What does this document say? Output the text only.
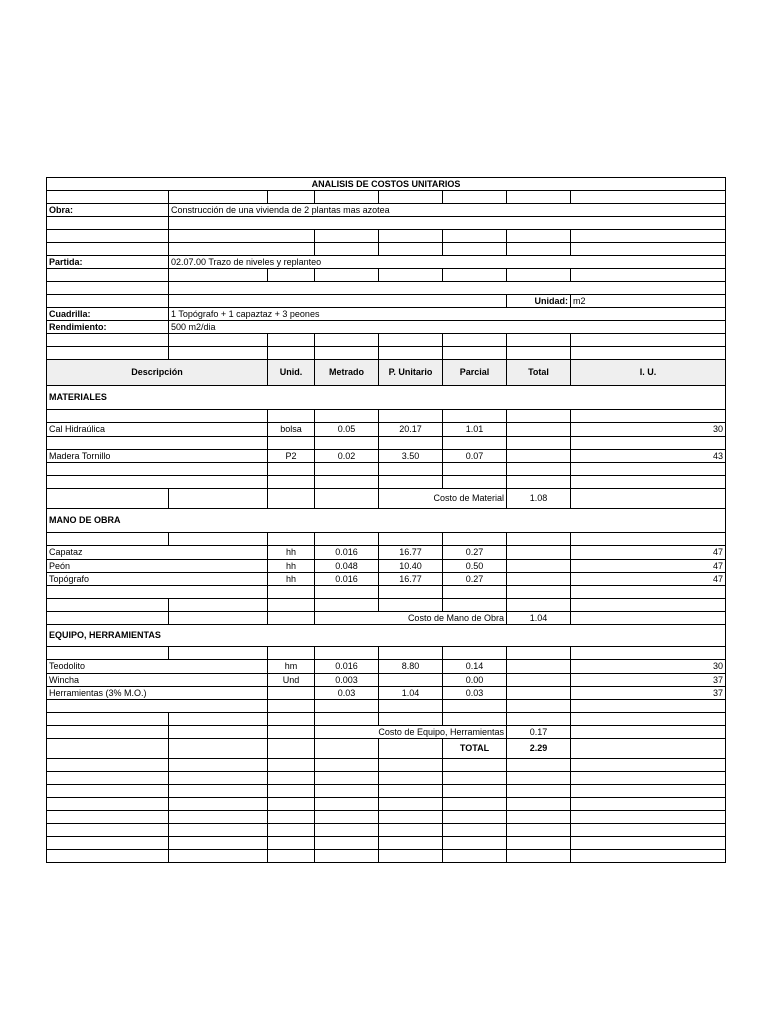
ANALISIS DE COSTOS UNITARIOS							

Obra:	Construcción de una vivienda de 2 plantas mas azotea						

Partida:	02.07.00 Trazo de niveles y replanteo						

						Unidad:	m2
Cuadrilla:	1 Topógrafo + 1 capaztaz + 3 peones						
Rendimiento:	500 m2/dia						

Descripción		Unid.	Metrado	P. Unitario	Parcial	Total	I. U.
MATERIALES							

Cal Hidraúlica		bolsa	0.05	20.17	1.01		30

Madera Tornillo		P2	0.02	3.50	0.07		43

				Costo de Material		1.08	
MANO DE OBRA							

Capataz		hh	0.016	16.77	0.27		47
Peón		hh	0.048	10.40	0.50		47
Topógrafo		hh	0.016	16.77	0.27		47

			Costo de Mano de Obra			1.04	
EQUIPO, HERRAMIENTAS							

Teodolito		hm	0.016	8.80	0.14		30
Wincha		Und	0.003		0.00		37
Herramientas (3% M.O.)			0.03	1.04	0.03		37

			Costo de Equipo, Herramientas			0.17	
					TOTAL	2.29	
